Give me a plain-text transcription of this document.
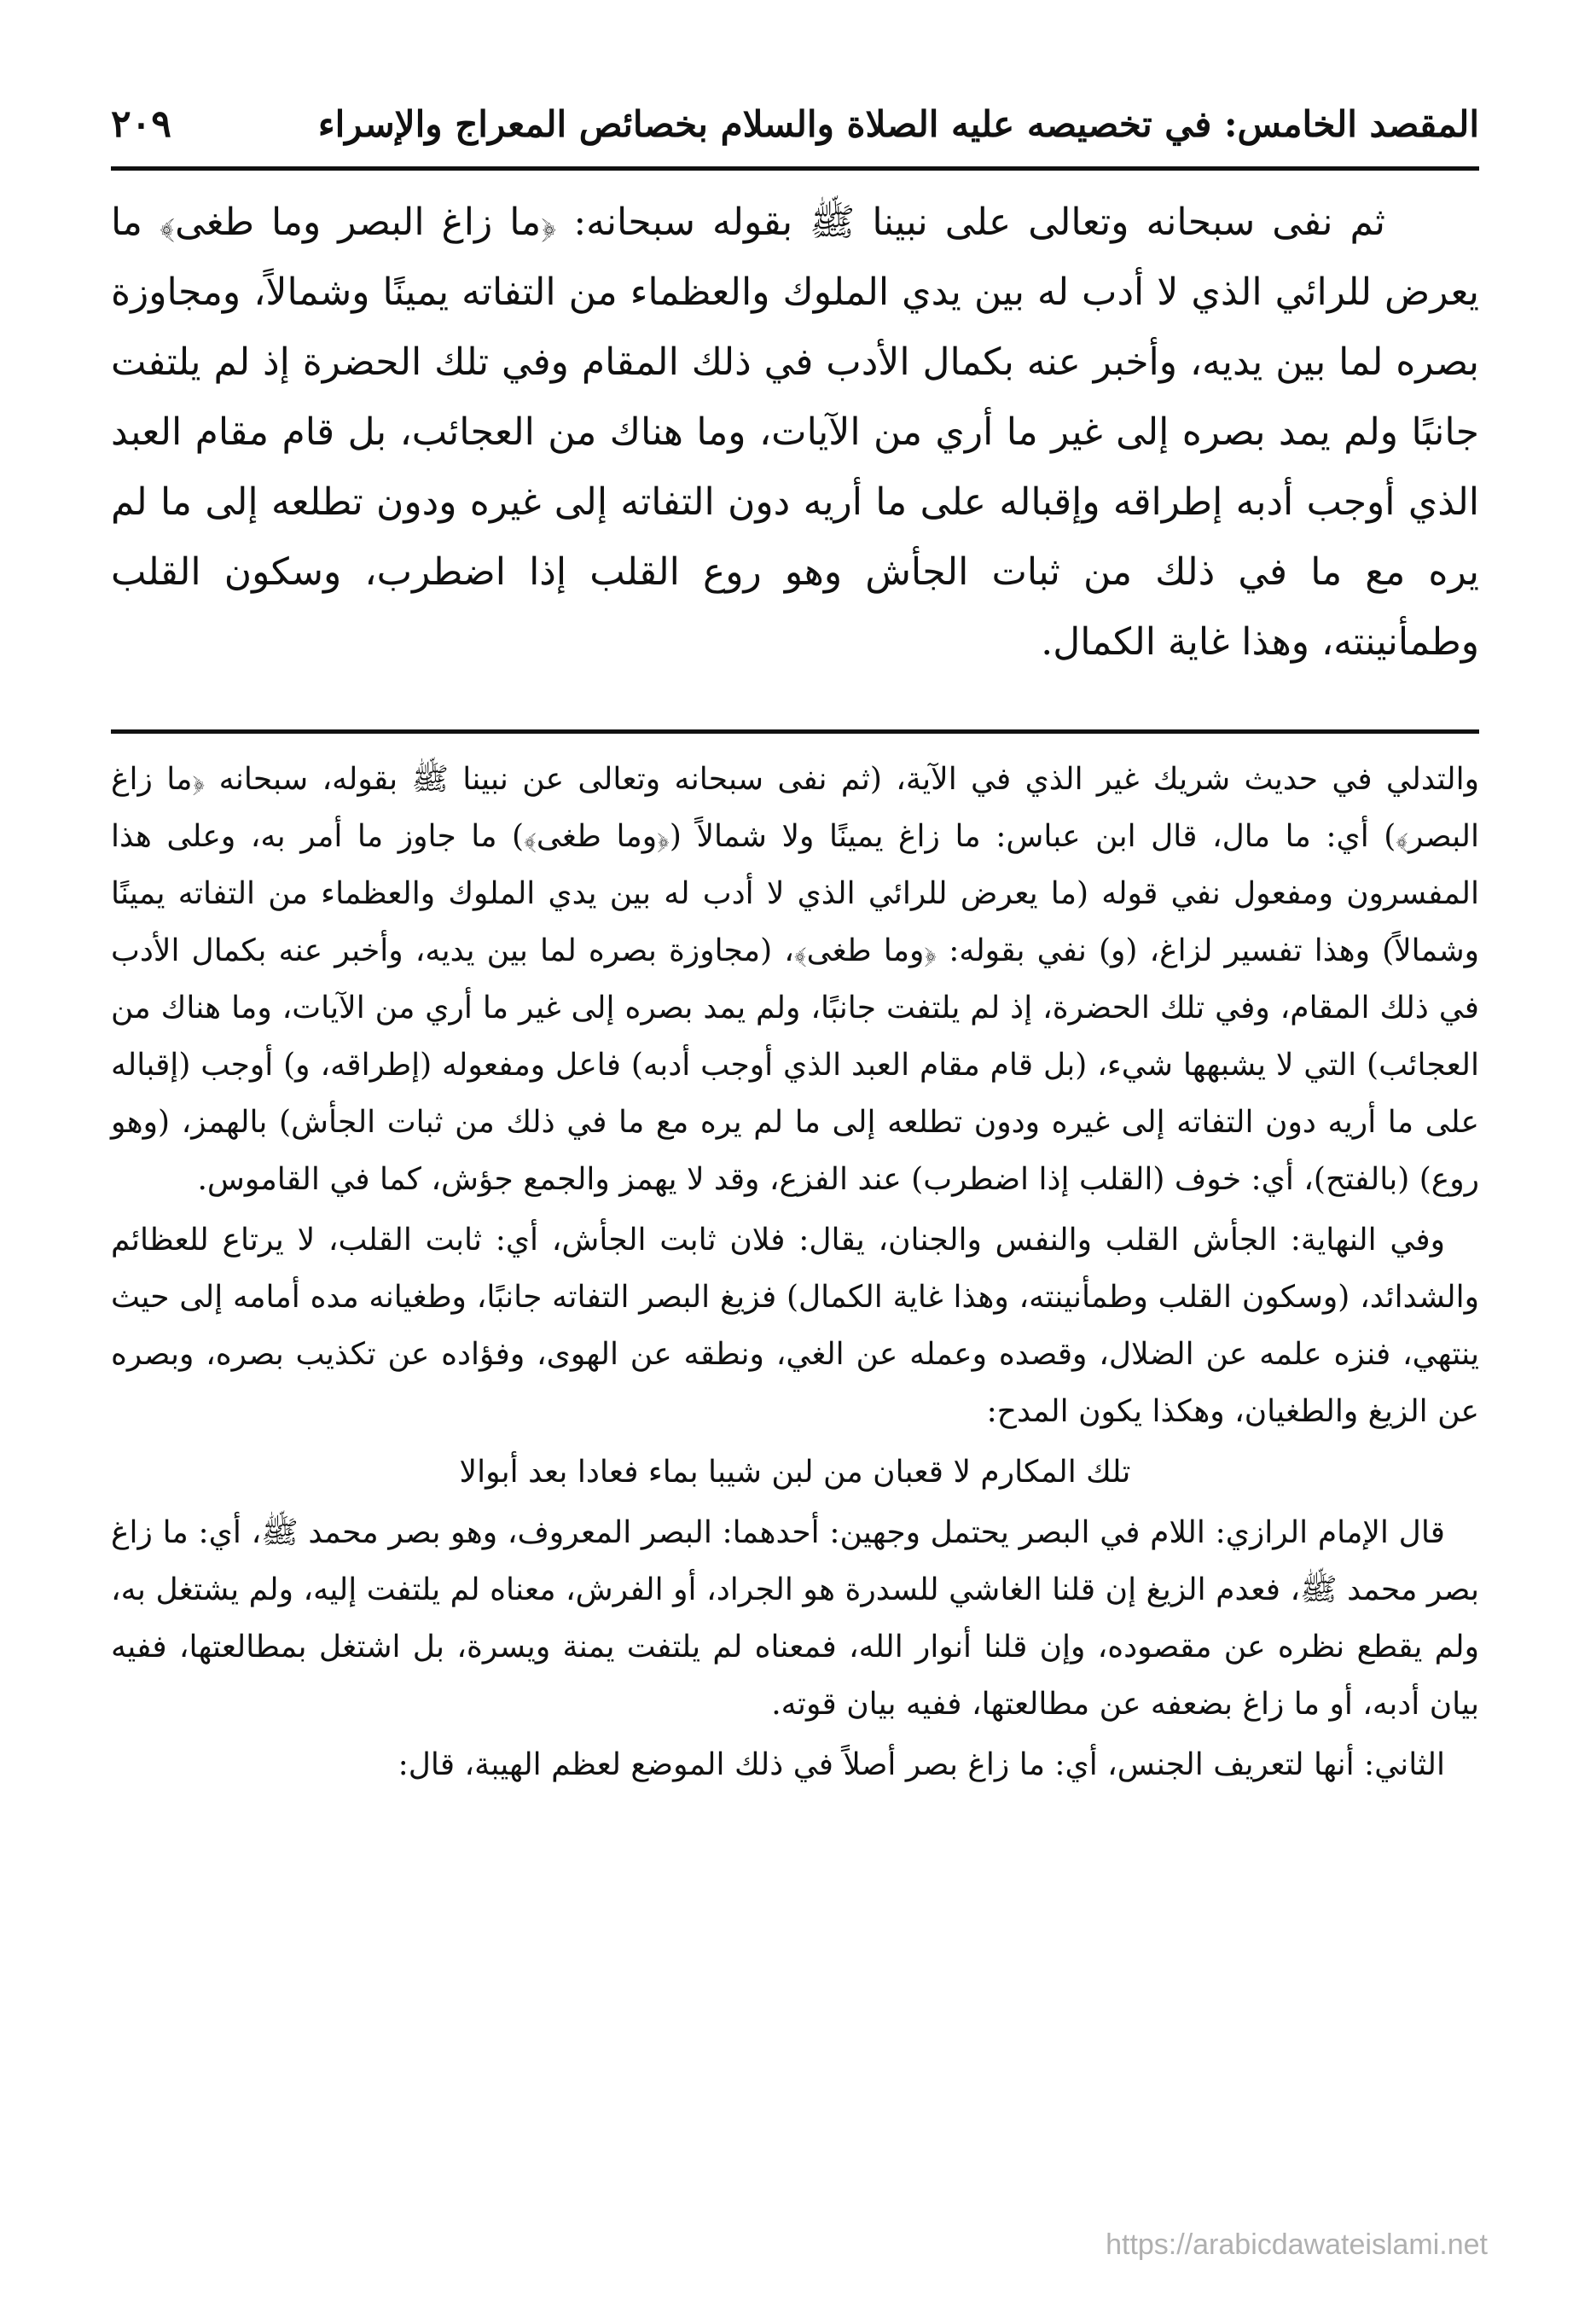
المقصد الخامس: في تخصيصه عليه الصلاة والسلام بخصائص المعراج والإسراء
٢٠٩

ثم نفى سبحانه وتعالى على نبينا ﷺ بقوله سبحانه: ﴿ما زاغ البصر وما طغى﴾ ما يعرض للرائي الذي لا أدب له بين يدي الملوك والعظماء من التفاته يمينًا وشمالاً، ومجاوزة بصره لما بين يديه، وأخبر عنه بكمال الأدب في ذلك المقام وفي تلك الحضرة إذ لم يلتفت جانبًا ولم يمد بصره إلى غير ما أري من الآيات، وما هناك من العجائب، بل قام مقام العبد الذي أوجب أدبه إطراقه وإقباله على ما أريه دون التفاته إلى غيره ودون تطلعه إلى ما لم يره مع ما في ذلك من ثبات الجأش وهو روع القلب إذا اضطرب، وسكون القلب وطمأنينته، وهذا غاية الكمال.

والتدلي في حديث شريك غير الذي في الآية، (ثم نفى سبحانه وتعالى عن نبينا ﷺ بقوله، سبحانه ﴿ما زاغ البصر﴾) أي: ما مال، قال ابن عباس: ما زاغ يمينًا ولا شمالاً (﴿وما طغى﴾) ما جاوز ما أمر به، وعلى هذا المفسرون ومفعول نفي قوله (ما يعرض للرائي الذي لا أدب له بين يدي الملوك والعظماء من التفاته يمينًا وشمالاً) وهذا تفسير لزاغ، (و) نفي بقوله: ﴿وما طغى﴾، (مجاوزة بصره لما بين يديه، وأخبر عنه بكمال الأدب في ذلك المقام، وفي تلك الحضرة، إذ لم يلتفت جانبًا، ولم يمد بصره إلى غير ما أري من الآيات، وما هناك من العجائب) التي لا يشبهها شيء، (بل قام مقام العبد الذي أوجب أدبه) فاعل ومفعوله (إطراقه، و) أوجب (إقباله على ما أريه دون التفاته إلى غيره ودون تطلعه إلى ما لم يره مع ما في ذلك من ثبات الجأش) بالهمز، (وهو روع) (بالفتح)، أي: خوف (القلب إذا اضطرب) عند الفزع، وقد لا يهمز والجمع جؤش، كما في القاموس.

وفي النهاية: الجأش القلب والنفس والجنان، يقال: فلان ثابت الجأش، أي: ثابت القلب، لا يرتاع للعظائم والشدائد، (وسكون القلب وطمأنينته، وهذا غاية الكمال) فزيغ البصر التفاته جانبًا، وطغيانه مده أمامه إلى حيث ينتهي، فنزه علمه عن الضلال، وقصده وعمله عن الغي، ونطقه عن الهوى، وفؤاده عن تكذيب بصره، وبصره عن الزيغ والطغيان، وهكذا يكون المدح:

تلك المكارم لا قعبان من لبن شيبا بماء فعادا بعد أبوالا

قال الإمام الرازي: اللام في البصر يحتمل وجهين: أحدهما: البصر المعروف، وهو بصر محمد ﷺ، أي: ما زاغ بصر محمد ﷺ، فعدم الزيغ إن قلنا الغاشي للسدرة هو الجراد، أو الفرش، معناه لم يلتفت إليه، ولم يشتغل به، ولم يقطع نظره عن مقصوده، وإن قلنا أنوار الله، فمعناه لم يلتفت يمنة ويسرة، بل اشتغل بمطالعتها، ففيه بيان أدبه، أو ما زاغ بضعفه عن مطالعتها، ففيه بيان قوته.

الثاني: أنها لتعريف الجنس، أي: ما زاغ بصر أصلاً في ذلك الموضع لعظم الهيبة، قال:

https://arabicdawateislami.net
